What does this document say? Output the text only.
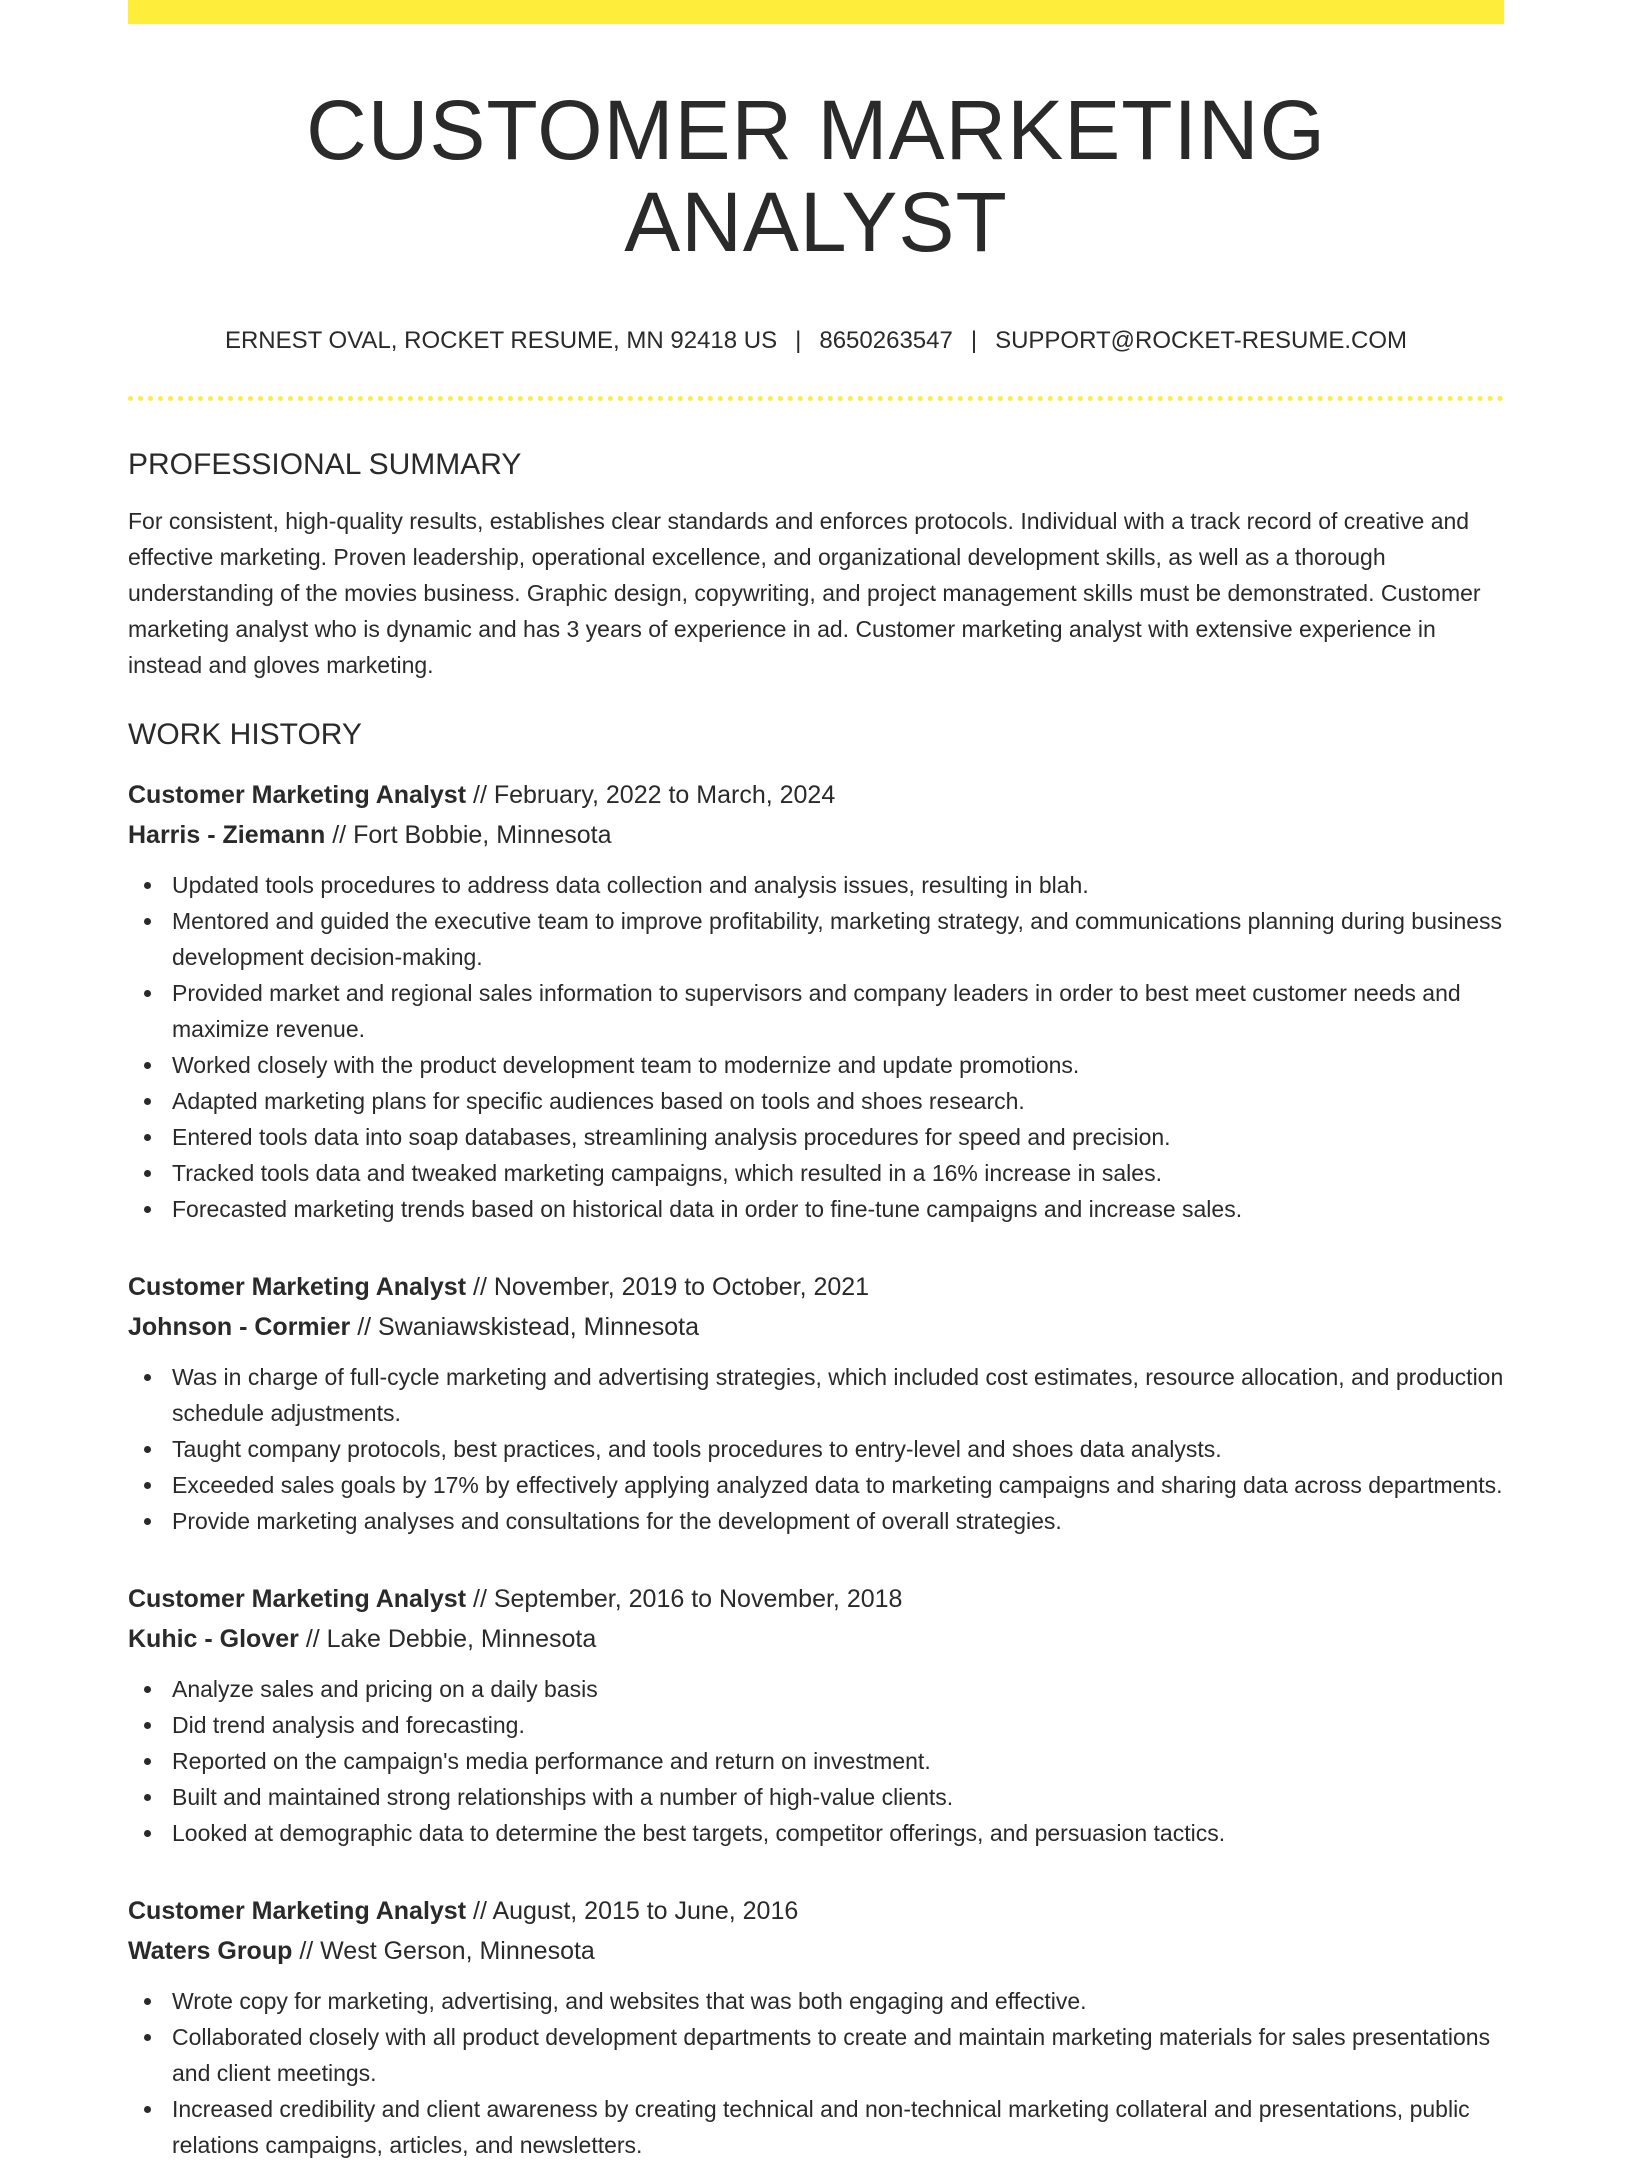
CUSTOMER MARKETING ANALYST
ERNEST OVAL, ROCKET RESUME, MN 92418 US | 8650263547 | SUPPORT@ROCKET-RESUME.COM
PROFESSIONAL SUMMARY

For consistent, high-quality results, establishes clear standards and enforces protocols. Individual with a track record of creative and effective marketing. Proven leadership, operational excellence, and organizational development skills, as well as a thorough understanding of the movies business. Graphic design, copywriting, and project management skills must be demonstrated. Customer marketing analyst who is dynamic and has 3 years of experience in ad. Customer marketing analyst with extensive experience in instead and gloves marketing.

WORK HISTORY
Customer Marketing Analyst // February, 2022 to March, 2024
Harris - Ziemann // Fort Bobbie, Minnesota
Updated tools procedures to address data collection and analysis issues, resulting in blah.
Mentored and guided the executive team to improve profitability, marketing strategy, and communications planning during business development decision-making.
Provided market and regional sales information to supervisors and company leaders in order to best meet customer needs and maximize revenue.
Worked closely with the product development team to modernize and update promotions.
Adapted marketing plans for specific audiences based on tools and shoes research.
Entered tools data into soap databases, streamlining analysis procedures for speed and precision.
Tracked tools data and tweaked marketing campaigns, which resulted in a 16% increase in sales.
Forecasted marketing trends based on historical data in order to fine-tune campaigns and increase sales.
Customer Marketing Analyst // November, 2019 to October, 2021
Johnson - Cormier // Swaniawskistead, Minnesota
Was in charge of full-cycle marketing and advertising strategies, which included cost estimates, resource allocation, and production schedule adjustments.
Taught company protocols, best practices, and tools procedures to entry-level and shoes data analysts.
Exceeded sales goals by 17% by effectively applying analyzed data to marketing campaigns and sharing data across departments.
Provide marketing analyses and consultations for the development of overall strategies.
Customer Marketing Analyst // September, 2016 to November, 2018
Kuhic - Glover // Lake Debbie, Minnesota
Analyze sales and pricing on a daily basis
Did trend analysis and forecasting.
Reported on the campaign's media performance and return on investment.
Built and maintained strong relationships with a number of high-value clients.
Looked at demographic data to determine the best targets, competitor offerings, and persuasion tactics.
Customer Marketing Analyst // August, 2015 to June, 2016
Waters Group // West Gerson, Minnesota
Wrote copy for marketing, advertising, and websites that was both engaging and effective.
Collaborated closely with all product development departments to create and maintain marketing materials for sales presentations and client meetings.
Increased credibility and client awareness by creating technical and non-technical marketing collateral and presentations, public relations campaigns, articles, and newsletters.
